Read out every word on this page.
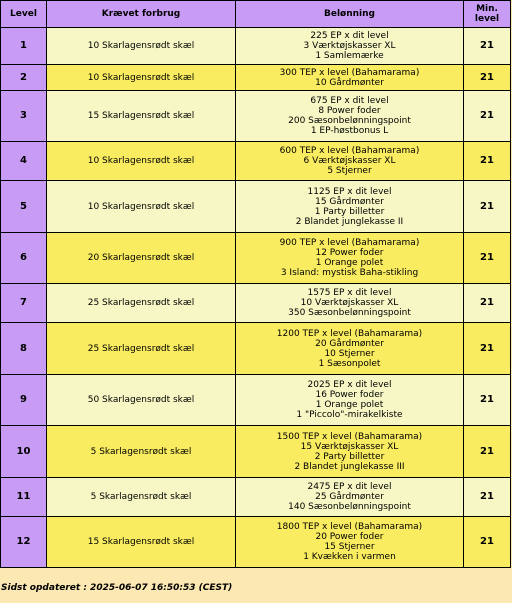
Level	Krævet forbrug	Belønning	Min.
level
1	10 Skarlagensrødt skæl	225 EP x dit level
3 Værktøjskasser XL
1 Samlemærke	21
2	10 Skarlagensrødt skæl	300 TEP x level (Bahamarama)
10 Gårdmønter	21
3	15 Skarlagensrødt skæl	675 EP x dit level
8 Power foder
200 Sæsonbelønningspoint
1 EP-høstbonus L	21
4	10 Skarlagensrødt skæl	600 TEP x level (Bahamarama)
6 Værktøjskasser XL
5 Stjerner	21
5	10 Skarlagensrødt skæl	1125 EP x dit level
15 Gårdmønter
1 Party billetter
2 Blandet junglekasse II	21
6	20 Skarlagensrødt skæl	900 TEP x level (Bahamarama)
12 Power foder
1 Orange polet
3 Island: mystisk Baha-stikling	21
7	25 Skarlagensrødt skæl	1575 EP x dit level
10 Værktøjskasser XL
350 Sæsonbelønningspoint	21
8	25 Skarlagensrødt skæl	1200 TEP x level (Bahamarama)
20 Gårdmønter
10 Stjerner
1 Sæsonpolet	21
9	50 Skarlagensrødt skæl	2025 EP x dit level
16 Power foder
1 Orange polet
1 "Piccolo"-mirakelkiste	21
10	5 Skarlagensrødt skæl	1500 TEP x level (Bahamarama)
15 Værktøjskasser XL
2 Party billetter
2 Blandet junglekasse III	21
11	5 Skarlagensrødt skæl	2475 EP x dit level
25 Gårdmønter
140 Sæsonbelønningspoint	21
12	15 Skarlagensrødt skæl	1800 TEP x level (Bahamarama)
20 Power foder
15 Stjerner
1 Kvækken i varmen	21
Sidst opdateret : 2025-06-07 16:50:53 (CEST)
